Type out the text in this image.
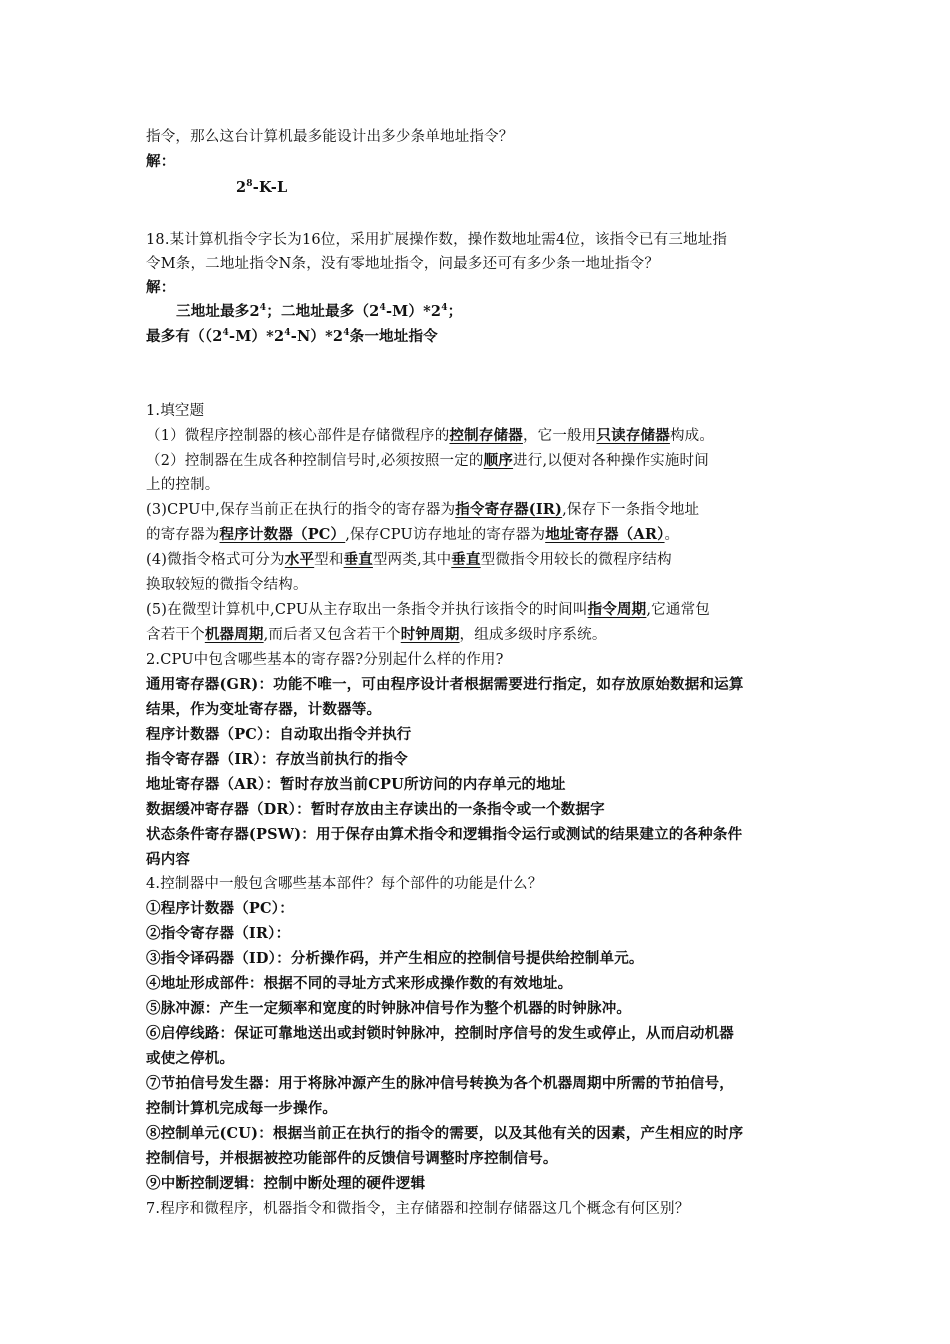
指令，那么这台计算机最多能设计出多少条单地址指令？
解：
$2^8-K-L$
18.某计算机指令字长为16位，采用扩展操作数，操作数地址需4位，该指令已有三地址指
令M条，二地址指令N条，没有零地址指令，问最多还可有多少条一地址指令？
解：
三地址最多$2^4$；二地址最多$(2^4-M)*2^4$；
最多有$((2^4-M)*2^4-N)*2^4$条一地址指令
1.填空题
（1）微程序控制器的核心部件是存储微程序的控制存储器，它一般用只读存储器构成。
（2）控制器在生成各种控制信号时,必须按照一定的顺序进行,以便对各种操作实施时间
上的控制。
(3)CPU中,保存当前正在执行的指令的寄存器为指令寄存器(IR),保存下一条指令地址
的寄存器为程序计数器（PC）,保存CPU访存地址的寄存器为地址寄存器（AR）。
(4)微指令格式可分为水平型和垂直型两类,其中垂直型微指令用较长的微程序结构
换取较短的微指令结构。
(5)在微型计算机中,CPU从主存取出一条指令并执行该指令的时间叫指令周期,它通常包
含若干个机器周期,而后者又包含若干个时钟周期，组成多级时序系统。
2.CPU中包含哪些基本的寄存器?分别起什么样的作用?
通用寄存器(GR)：功能不唯一，可由程序设计者根据需要进行指定，如存放原始数据和运算
结果，作为变址寄存器，计数器等。
程序计数器（PC）：自动取出指令并执行
指令寄存器（IR）：存放当前执行的指令
地址寄存器（AR）：暂时存放当前CPU所访问的内存单元的地址
数据缓冲寄存器（DR）：暂时存放由主存读出的一条指令或一个数据字
状态条件寄存器(PSW)：用于保存由算术指令和逻辑指令运行或测试的结果建立的各种条件
码内容
4.控制器中一般包含哪些基本部件？每个部件的功能是什么？
①程序计数器（PC）：
②指令寄存器（IR）：
③指令译码器（ID）：分析操作码，并产生相应的控制信号提供给控制单元。
④地址形成部件：根据不同的寻址方式来形成操作数的有效地址。
⑤脉冲源：产生一定频率和宽度的时钟脉冲信号作为整个机器的时钟脉冲。
⑥启停线路：保证可靠地送出或封锁时钟脉冲，控制时序信号的发生或停止，从而启动机器
或使之停机。
⑦节拍信号发生器：用于将脉冲源产生的脉冲信号转换为各个机器周期中所需的节拍信号，
控制计算机完成每一步操作。
⑧控制单元(CU)：根据当前正在执行的指令的需要，以及其他有关的因素，产生相应的时序
控制信号，并根据被控功能部件的反馈信号调整时序控制信号。
⑨中断控制逻辑：控制中断处理的硬件逻辑
7.程序和微程序，机器指令和微指令，主存储器和控制存储器这几个概念有何区别？
